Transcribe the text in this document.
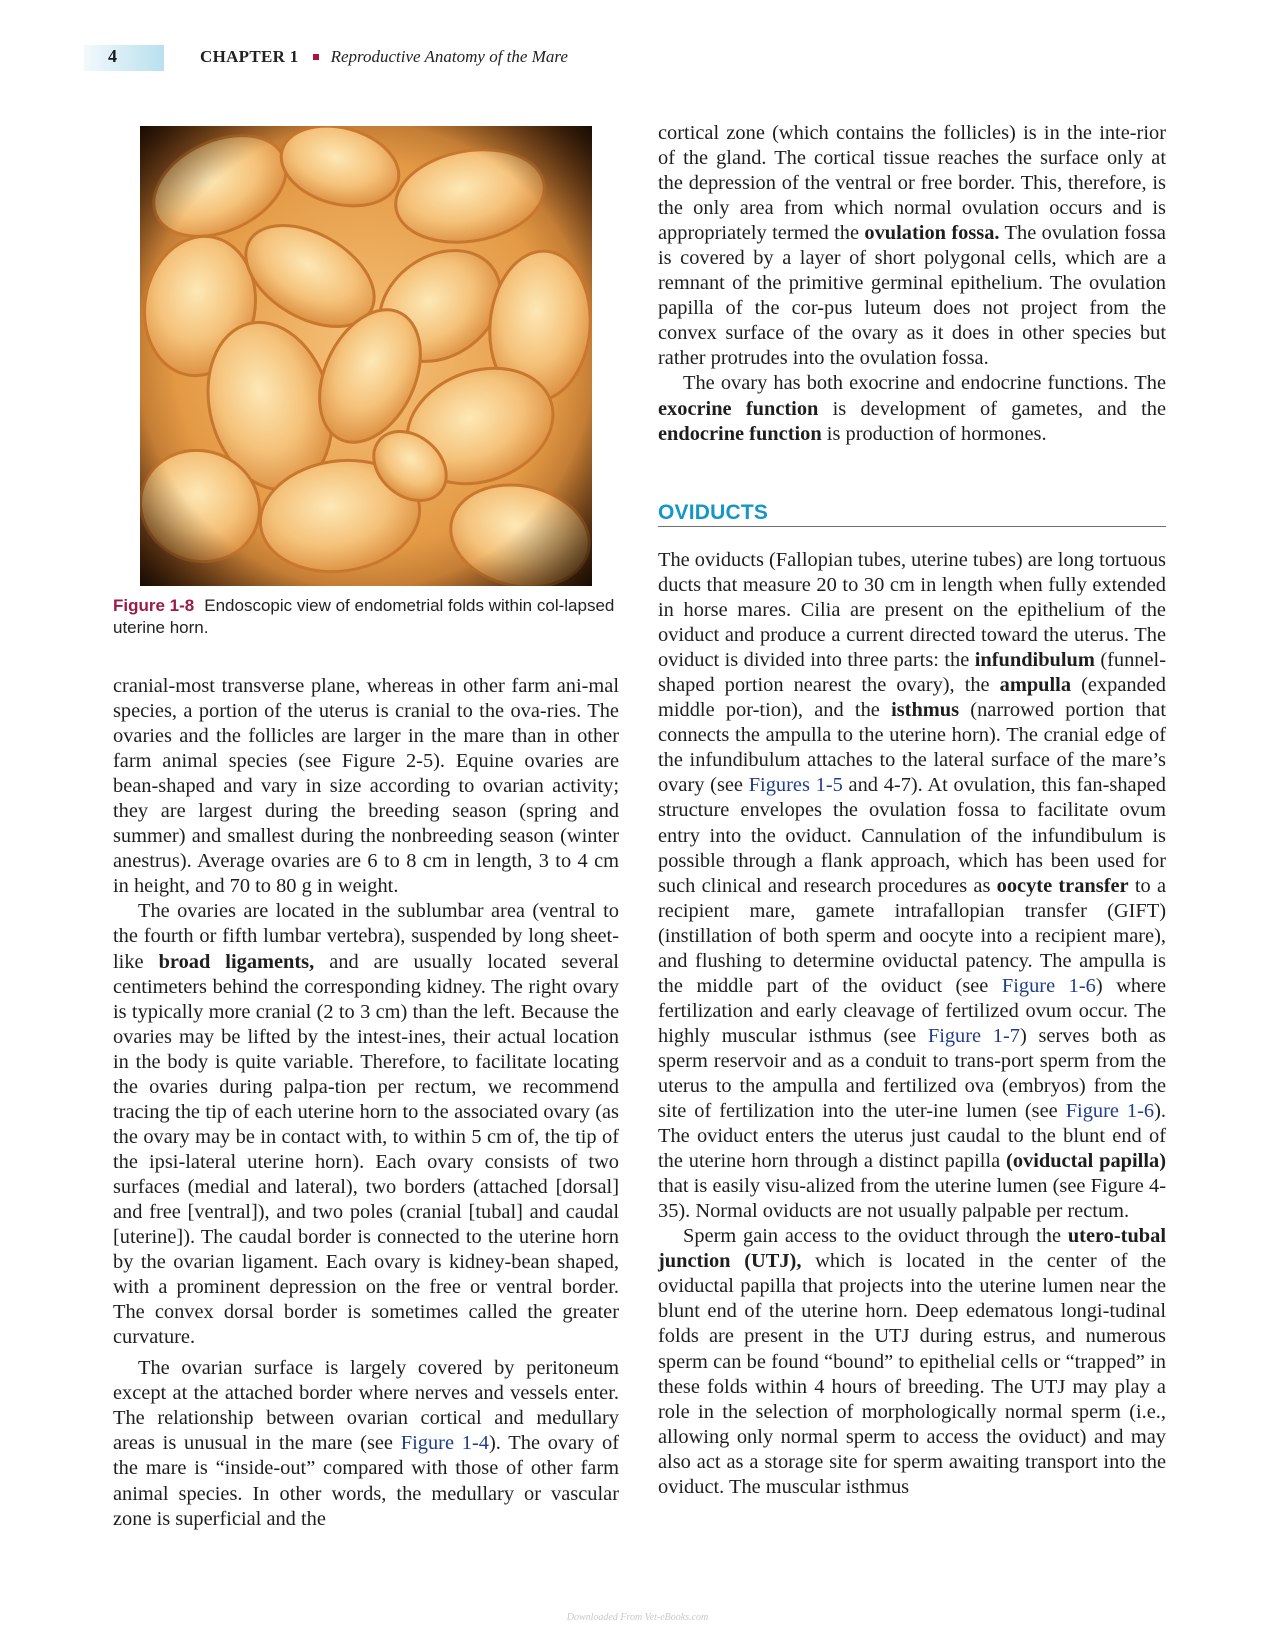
4	CHAPTER 1 Reproductive Anatomy of the Mare
Figure 1-8 Endoscopic view of endometrial folds within col-lapsed uterine horn.

cranial-most transverse plane, whereas in other farm ani-mal species, a portion of the uterus is cranial to the ova-ries. The ovaries and the follicles are larger in the mare than in other farm animal species (see Figure 2-5). Equine ovaries are bean-shaped and vary in size according to ovarian activity; they are largest during the breeding season (spring and summer) and smallest during the nonbreeding season (winter anestrus). Average ovaries are 6 to 8 cm in length, 3 to 4 cm in height, and 70 to 80 g in weight.

The ovaries are located in the sublumbar area (ventral to the fourth or fifth lumbar vertebra), suspended by long sheet-like broad ligaments, and are usually located several centimeters behind the corresponding kidney. The right ovary is typically more cranial (2 to 3 cm) than the left. Because the ovaries may be lifted by the intest-ines, their actual location in the body is quite variable. Therefore, to facilitate locating the ovaries during palpa-tion per rectum, we recommend tracing the tip of each uterine horn to the associated ovary (as the ovary may be in contact with, to within 5 cm of, the tip of the ipsi-lateral uterine horn). Each ovary consists of two surfaces (medial and lateral), two borders (attached [dorsal] and free [ventral]), and two poles (cranial [tubal] and caudal [uterine]). The caudal border is connected to the uterine horn by the ovarian ligament. Each ovary is kidney-bean shaped, with a prominent depression on the free or ventral border. The convex dorsal border is sometimes called the greater curvature.

The ovarian surface is largely covered by peritoneum except at the attached border where nerves and vessels enter. The relationship between ovarian cortical and medullary areas is unusual in the mare (see Figure 1-4). The ovary of the mare is “inside-out” compared with those of other farm animal species. In other words, the medullary or vascular zone is superficial and the

cortical zone (which contains the follicles) is in the inte-rior of the gland. The cortical tissue reaches the surface only at the depression of the ventral or free border. This, therefore, is the only area from which normal ovulation occurs and is appropriately termed the ovulation fossa. The ovulation fossa is covered by a layer of short polygonal cells, which are a remnant of the primitive germinal epithelium. The ovulation papilla of the cor-pus luteum does not project from the convex surface of the ovary as it does in other species but rather protrudes into the ovulation fossa.

The ovary has both exocrine and endocrine functions. The exocrine function is development of gametes, and the endocrine function is production of hormones.

OVIDUCTS

The oviducts (Fallopian tubes, uterine tubes) are long tortuous ducts that measure 20 to 30 cm in length when fully extended in horse mares. Cilia are present on the epithelium of the oviduct and produce a current directed toward the uterus. The oviduct is divided into three parts: the infundibulum (funnel-shaped portion nearest the ovary), the ampulla (expanded middle por-tion), and the isthmus (narrowed portion that connects the ampulla to the uterine horn). The cranial edge of the infundibulum attaches to the lateral surface of the mare’s ovary (see Figures 1-5 and 4-7). At ovulation, this fan-shaped structure envelopes the ovulation fossa to facilitate ovum entry into the oviduct. Cannulation of the infundibulum is possible through a flank approach, which has been used for such clinical and research procedures as oocyte transfer to a recipient mare, gamete intrafallopian transfer (GIFT) (instillation of both sperm and oocyte into a recipient mare), and flushing to determine oviductal patency. The ampulla is the middle part of the oviduct (see Figure 1-6) where fertilization and early cleavage of fertilized ovum occur. The highly muscular isthmus (see Figure 1-7) serves both as sperm reservoir and as a conduit to trans-port sperm from the uterus to the ampulla and fertilized ova (embryos) from the site of fertilization into the uter-ine lumen (see Figure 1-6). The oviduct enters the uterus just caudal to the blunt end of the uterine horn through a distinct papilla (oviductal papilla) that is easily visu-alized from the uterine lumen (see Figure 4-35). Normal oviducts are not usually palpable per rectum.

Sperm gain access to the oviduct through the utero-tubal junction (UTJ), which is located in the center of the oviductal papilla that projects into the uterine lumen near the blunt end of the uterine horn. Deep edematous longi-tudinal folds are present in the UTJ during estrus, and numerous sperm can be found “bound” to epithelial cells or “trapped” in these folds within 4 hours of breeding. The UTJ may play a role in the selection of morphologically normal sperm (i.e., allowing only normal sperm to access the oviduct) and may also act as a storage site for sperm awaiting transport into the oviduct. The muscular isthmus

Downloaded From Vet-eBooks.com
